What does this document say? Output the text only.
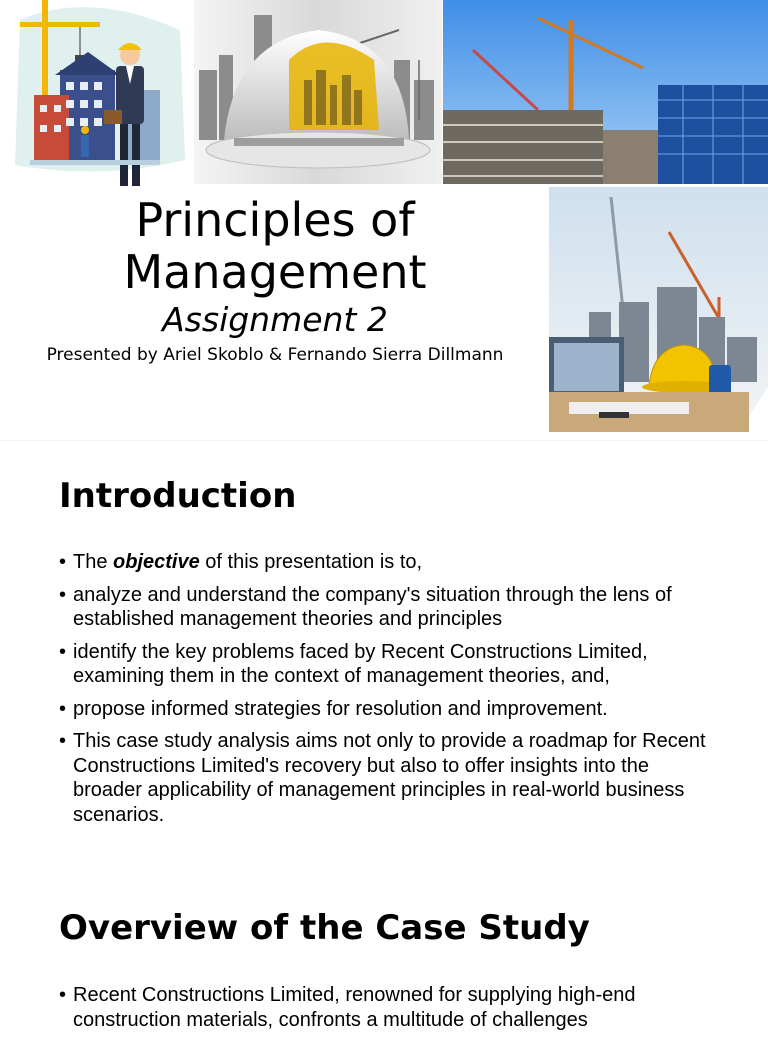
Principles of
Management
Assignment 2
Presented by Ariel Skoblo & Fernando Sierra Dillmann
Introduction
• The objective of this presentation is to,
• analyze and understand the company's situation through the lens of established management theories and principles
• identify the key problems faced by Recent Constructions Limited, examining them in the context of management theories, and,
• propose informed strategies for resolution and improvement.
• This case study analysis aims not only to provide a roadmap for Recent Constructions Limited's recovery but also to offer insights into the broader applicability of management principles in real-world business scenarios.
Overview of the Case Study
• Recent Constructions Limited, renowned for supplying high-end construction materials, confronts a multitude of challenges
